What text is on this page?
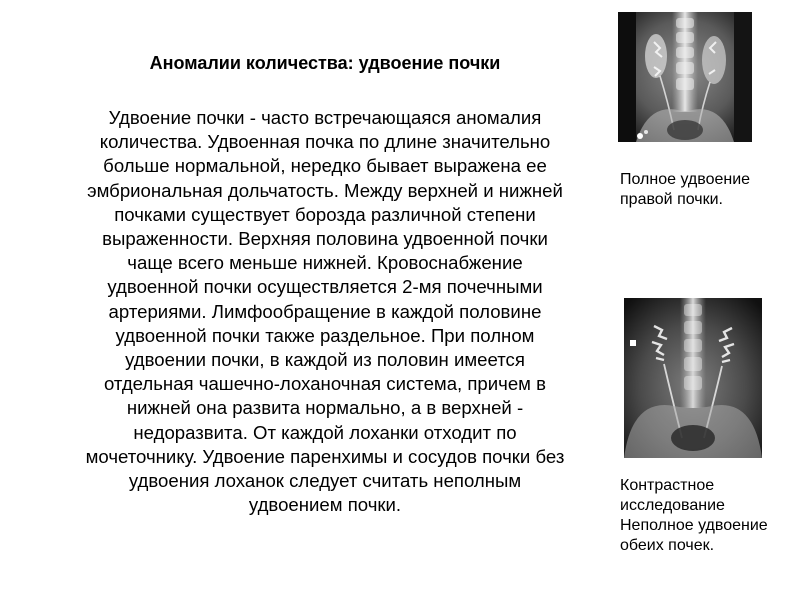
Аномалии количества: удвоение почки
Удвоение почки - часто встречающаяся аномалия
количества. Удвоенная почка по длине значительно
больше нормальной, нередко бывает выражена ее
эмбриональная дольчатость. Между верхней и нижней
почками существует борозда различной степени
выраженности. Верхняя половина удвоенной почки
чаще всего меньше нижней. Кровоснабжение
удвоенной почки осуществляется 2-мя почечными
артериями. Лимфообращение в каждой половине
удвоенной почки также раздельное. При полном
удвоении почки, в каждой из половин имеется
отдельная чашечно-лоханочная система, причем в
нижней она развита нормально, а в верхней -
недоразвита. От каждой лоханки отходит по
мочеточнику. Удвоение паренхимы и сосудов почки без
удвоения лоханок следует считать неполным
удвоением почки.
Полное удвоение
правой почки.
Контрастное
исследование
Неполное удвоение
обеих почек.
